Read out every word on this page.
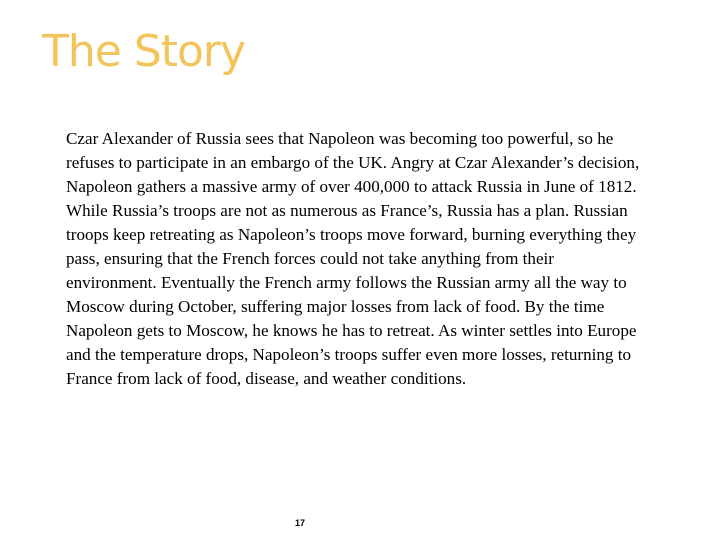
The Story

Czar Alexander of Russia sees that Napoleon was becoming too powerful, so he refuses to participate in an embargo of the UK. Angry at Czar Alexander’s decision, Napoleon gathers a massive army of over 400,000 to attack Russia in June of 1812. While Russia’s troops are not as numerous as France’s, Russia has a plan. Russian troops keep retreating as Napoleon’s troops move forward, burning everything they pass, ensuring that the French forces could not take anything from their environment. Eventually the French army follows the Russian army all the way to Moscow during October, suffering major losses from lack of food. By the time Napoleon gets to Moscow, he knows he has to retreat. As winter settles into Europe and the temperature drops, Napoleon’s troops suffer even more losses, returning to France from lack of food, disease, and weather conditions.

17
